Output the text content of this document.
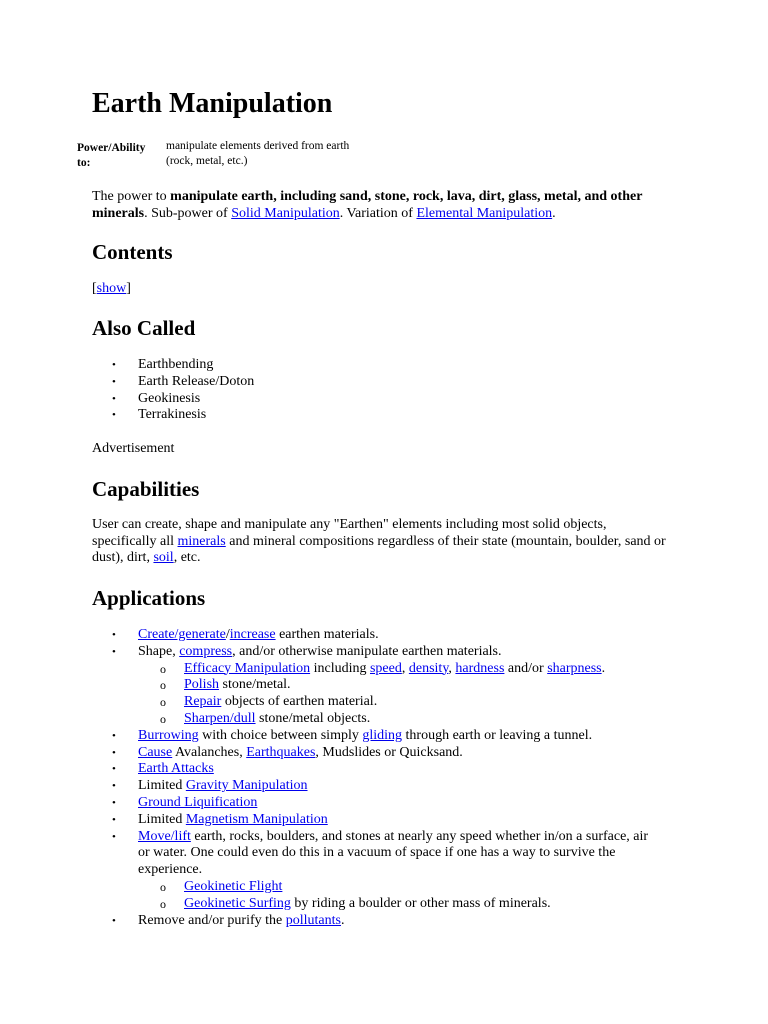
Earth Manipulation
Power/Ability to:
manipulate elements derived from earth (rock, metal, etc.)
The power to manipulate earth, including sand, stone, rock, lava, dirt, glass, metal, and other minerals. Sub-power of Solid Manipulation. Variation of Elemental Manipulation.
Contents
[show]
Also Called
• Earthbending
• Earth Release/Doton
• Geokinesis
• Terrakinesis
Advertisement
Capabilities
User can create, shape and manipulate any "Earthen" elements including most solid objects, specifically all minerals and mineral compositions regardless of their state (mountain, boulder, sand or dust), dirt, soil, etc.
Applications
• Create/generate/increase earthen materials.
• Shape, compress, and/or otherwise manipulate earthen materials.
o Efficacy Manipulation including speed, density, hardness and/or sharpness.
o Polish stone/metal.
o Repair objects of earthen material.
o Sharpen/dull stone/metal objects.
• Burrowing with choice between simply gliding through earth or leaving a tunnel.
• Cause Avalanches, Earthquakes, Mudslides or Quicksand.
• Earth Attacks
• Limited Gravity Manipulation
• Ground Liquification
• Limited Magnetism Manipulation
• Move/lift earth, rocks, boulders, and stones at nearly any speed whether in/on a surface, air or water. One could even do this in a vacuum of space if one has a way to survive the experience.
o Geokinetic Flight
o Geokinetic Surfing by riding a boulder or other mass of minerals.
• Remove and/or purify the pollutants.
